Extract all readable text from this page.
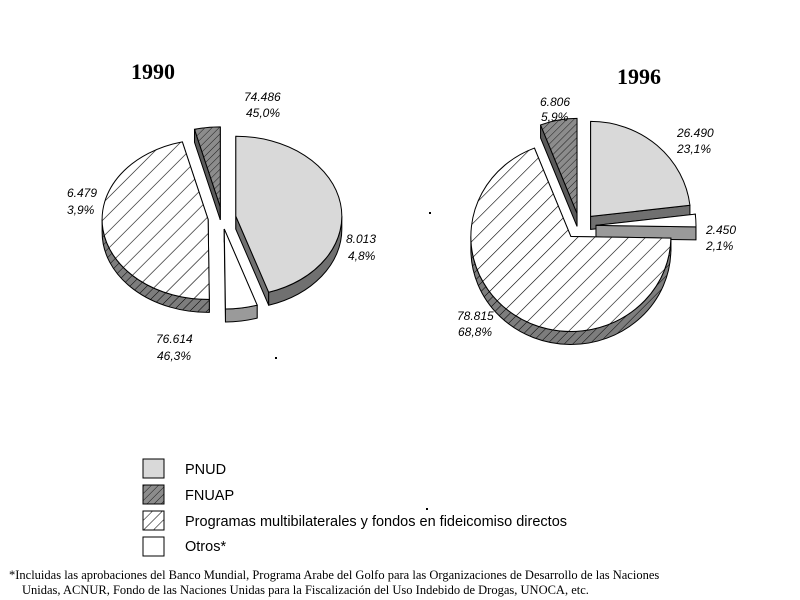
1990
74.486
45,0%
6.479
3,9%
8.013
4,8%
76.614
46,3%
1996
6.806
5,9%
26.490
23,1%
2.450
2,1%
78.815
68,8%
PNUD
FNUAP
Programas multibilaterales y fondos en fideicomiso directos
Otros*
*Incluidas las aprobaciones del Banco Mundial, Programa Arabe del Golfo para las Organizaciones de Desarrollo de las Naciones
Unidas, ACNUR, Fondo de las Naciones Unidas para la Fiscalización del Uso Indebido de Drogas, UNOCA, etc.
